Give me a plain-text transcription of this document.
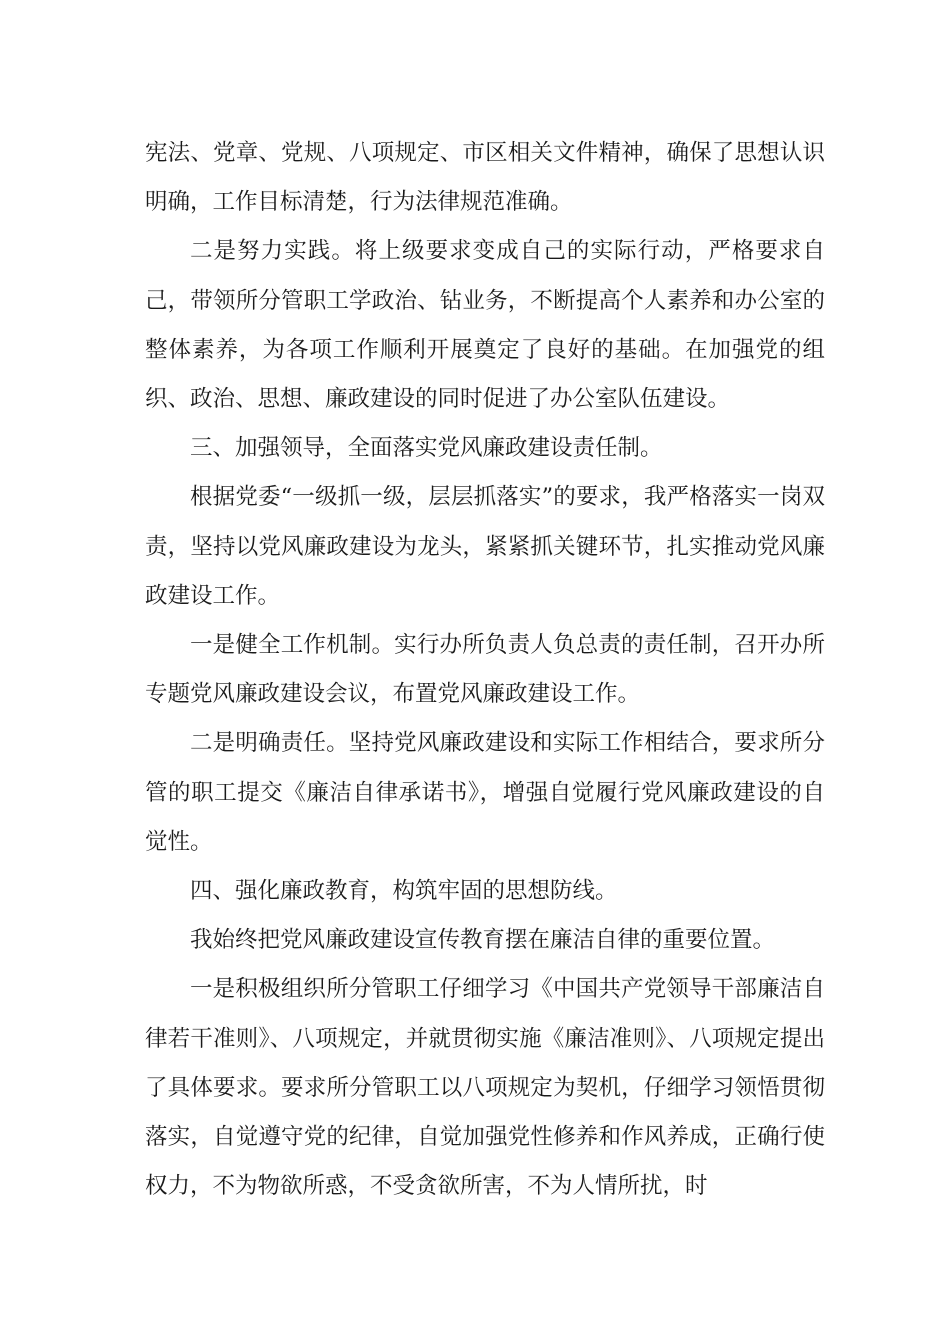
宪法、党章、党规、八项规定、市区相关文件精神，确保了思想认识明确，工作目标清楚，行为法律规范准确。

二是努力实践。将上级要求变成自己的实际行动，严格要求自己，带领所分管职工学政治、钻业务，不断提高个人素养和办公室的整体素养，为各项工作顺利开展奠定了良好的基础。在加强党的组织、政治、思想、廉政建设的同时促进了办公室队伍建设。

三、加强领导，全面落实党风廉政建设责任制。

根据党委“一级抓一级，层层抓落实”的要求，我严格落实一岗双责，坚持以党风廉政建设为龙头，紧紧抓关键环节，扎实推动党风廉政建设工作。

一是健全工作机制。实行办所负责人负总责的责任制，召开办所专题党风廉政建设会议，布置党风廉政建设工作。

二是明确责任。坚持党风廉政建设和实际工作相结合，要求所分管的职工提交《廉洁自律承诺书》，增强自觉履行党风廉政建设的自觉性。

四、强化廉政教育，构筑牢固的思想防线。

我始终把党风廉政建设宣传教育摆在廉洁自律的重要位置。

一是积极组织所分管职工仔细学习《中国共产党领导干部廉洁自律若干准则》、八项规定，并就贯彻实施《廉洁准则》、八项规定提出了具体要求。要求所分管职工以八项规定为契机，仔细学习领悟贯彻落实，自觉遵守党的纪律，自觉加强党性修养和作风养成，正确行使权力，不为物欲所惑，不受贪欲所害，不为人情所扰，时
